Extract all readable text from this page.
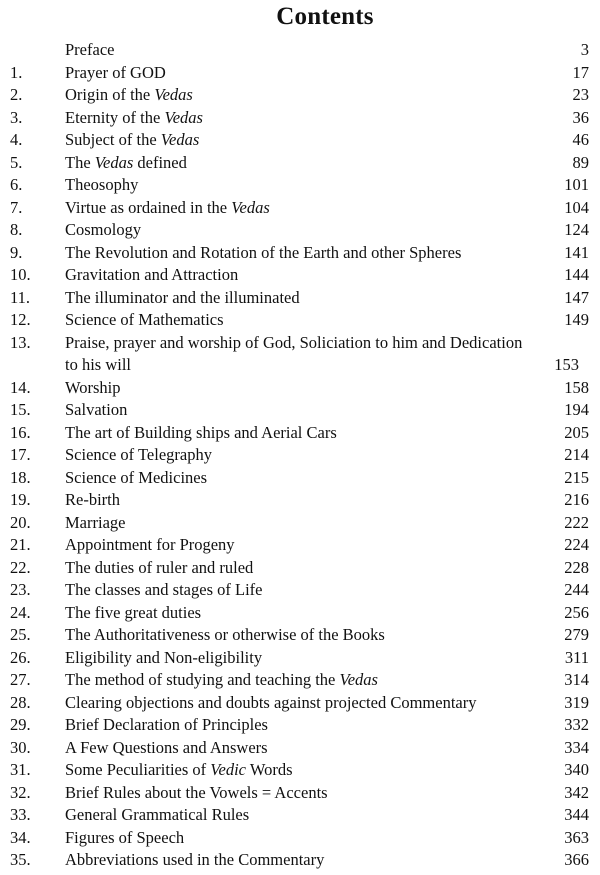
Contents
Preface	3
1.	Prayer of GOD	17
2.	Origin of the Vedas	23
3.	Eternity of the Vedas	36
4.	Subject of the Vedas	46
5.	The Vedas defined	89
6.	Theosophy	101
7.	Virtue as ordained in the Vedas	104
8.	Cosmology	124
9.	The Revolution and Rotation of the Earth and other Spheres	141
10.	Gravitation and Attraction	144
11.	The illuminator and the illuminated	147
12.	Science of Mathematics	149
13.	Praise, prayer and worship of God, Soliciation to him and Dedication to his will	153
14.	Worship	158
15.	Salvation	194
16.	The art of Building ships and Aerial Cars	205
17.	Science of Telegraphy	214
18.	Science of Medicines	215
19.	Re-birth	216
20.	Marriage	222
21.	Appointment for Progeny	224
22.	The duties of ruler and ruled	228
23.	The classes and stages of Life	244
24.	The five great duties	256
25.	The Authoritativeness or otherwise of the Books	279
26.	Eligibility and Non-eligibility	311
27.	The method of studying and teaching the Vedas	314
28.	Clearing objections and doubts against projected Commentary	319
29.	Brief Declaration of Principles	332
30.	A Few Questions and Answers	334
31.	Some Peculiarities of Vedic Words	340
32.	Brief Rules about the Vowels = Accents	342
33.	General Grammatical Rules	344
34.	Figures of Speech	363
35.	Abbreviations used in the Commentary	366
